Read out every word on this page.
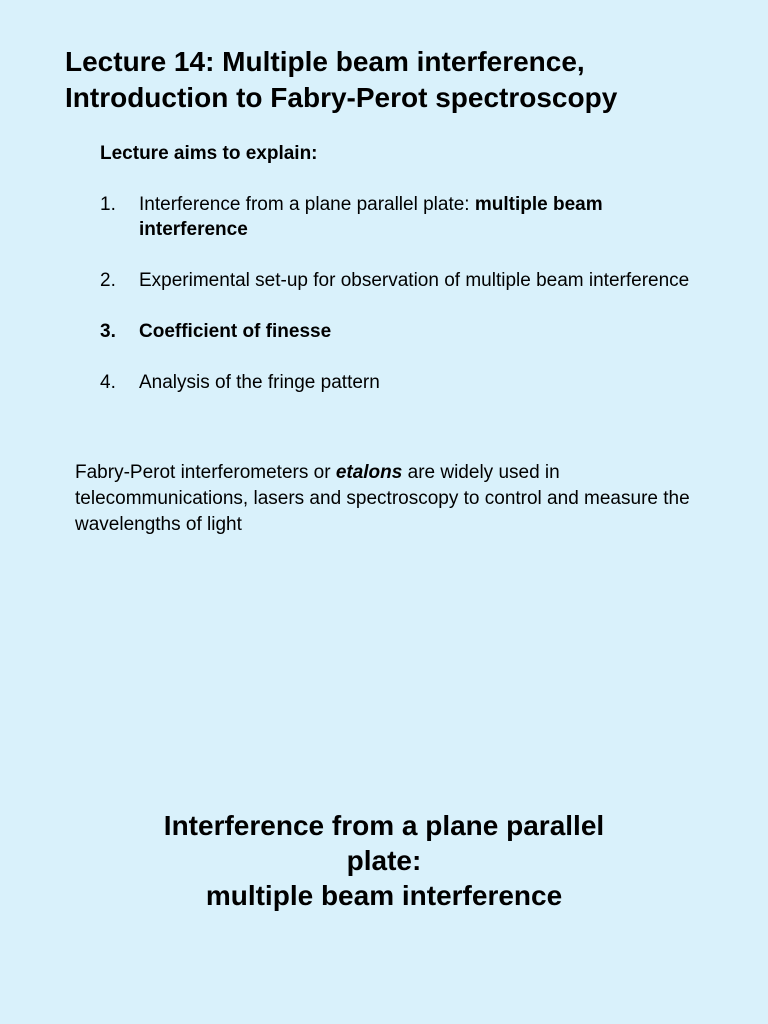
Lecture 14: Multiple beam interference,
Introduction to Fabry-Perot spectroscopy

Lecture aims to explain:

1. Interference from a plane parallel plate: multiple beam interference
2. Experimental set-up for observation of multiple beam interference
3. Coefficient of finesse
4. Analysis of the fringe pattern

Fabry-Perot interferometers or etalons are widely used in telecommunications, lasers and spectroscopy to control and measure the wavelengths of light

Interference from a plane parallel
plate:
multiple beam interference
